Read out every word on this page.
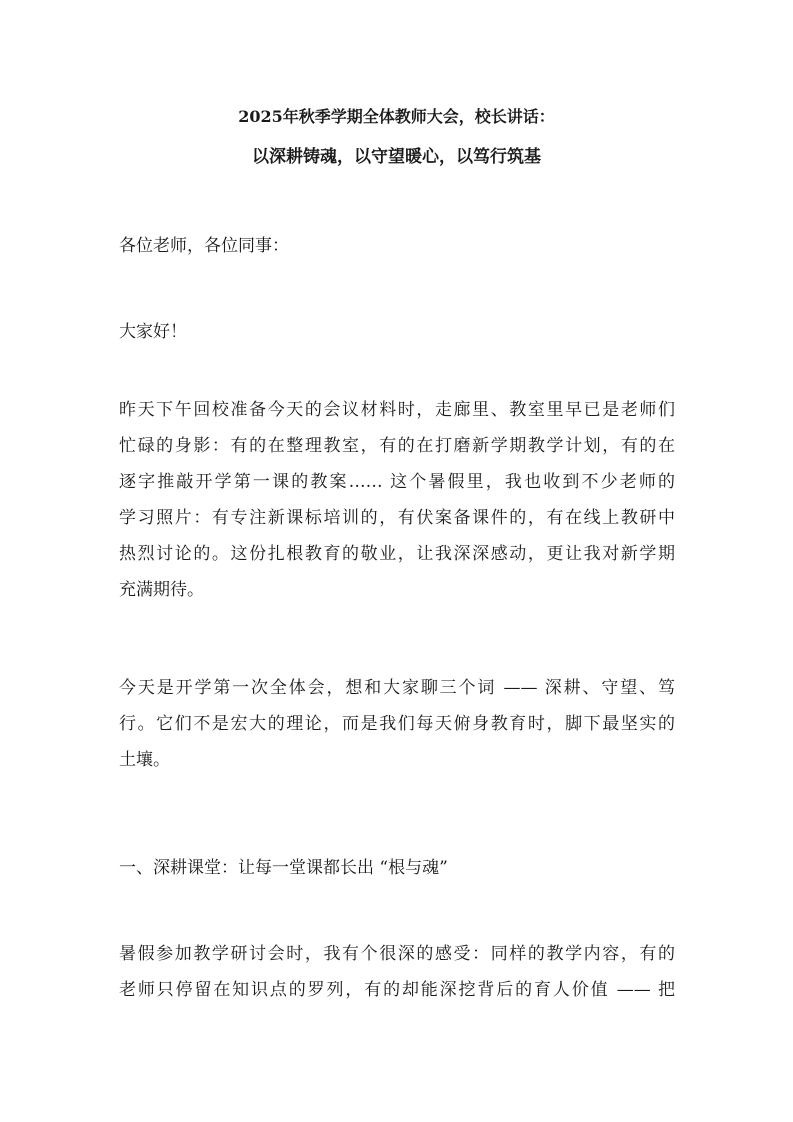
2025年秋季学期全体教师大会，校长讲话：
以深耕铸魂，以守望暖心，以笃行筑基
各位老师，各位同事：
大家好！
昨天下午回校准备今天的会议材料时，走廊里、教室里早已是老师们
忙碌的身影：有的在整理教室，有的在打磨新学期教学计划，有的在
逐字推敲开学第一课的教案…… 这个暑假里，我也收到不少老师的
学习照片：有专注新课标培训的，有伏案备课件的，有在线上教研中
热烈讨论的。这份扎根教育的敬业，让我深深感动，更让我对新学期
充满期待。
今天是开学第一次全体会，想和大家聊三个词 —— 深耕、守望、笃
行。它们不是宏大的理论，而是我们每天俯身教育时，脚下最坚实的
土壤。
一、深耕课堂：让每一堂课都长出 “根与魂”
暑假参加教学研讨会时，我有个很深的感受：同样的教学内容，有的
老师只停留在知识点的罗列，有的却能深挖背后的育人价值 —— 把
